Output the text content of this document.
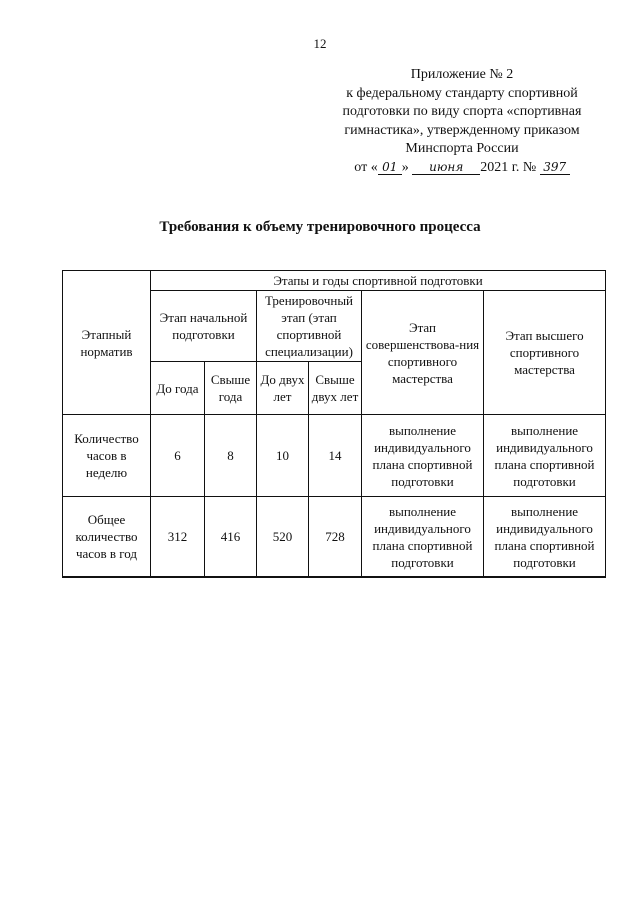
12
Приложение № 2
к федеральному стандарту спортивной
подготовки по виду спорта «спортивная
гимнастика», утвержденному приказом
Минспорта России
от « 01 » июня 2021 г. № 397
Требования к объему тренировочного процесса
Этапный норматив	Этапы и годы спортивной подготовки					
	Этап начальной подготовки		Тренировочный этап (этап спортивной специализации)		Этап совершенствова-ния спортивного мастерства	Этап высшего спортивного мастерства
	До года	Свыше года	До двух лет	Свыше двух лет		
Количество часов в неделю	6	8	10	14	выполнение индивидуального плана спортивной подготовки	выполнение индивидуального плана спортивной подготовки
Общее количество часов в год	312	416	520	728	выполнение индивидуального плана спортивной подготовки	выполнение индивидуального плана спортивной подготовки
